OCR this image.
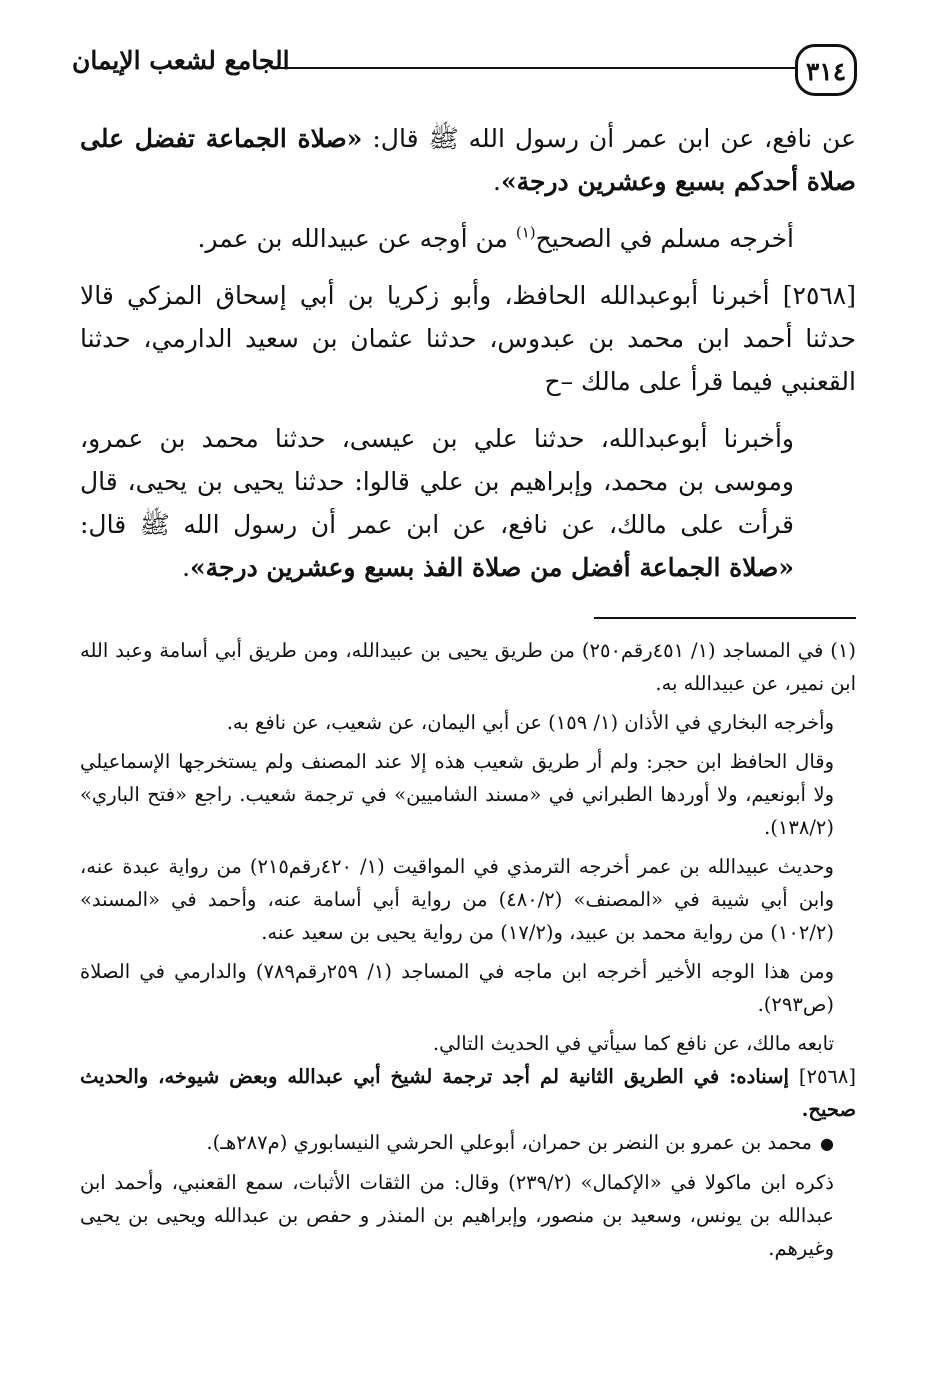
٣١٤
الجامع لشعب الإيمان

عن نافع، عن ابن عمر أن رسول الله ﷺ قال: «صلاة الجماعة تفضل على صلاة أحدكم بسبع وعشرين درجة».

أخرجه مسلم في الصحيح$^{(١)}$ من أوجه عن عبيدالله بن عمر.

[٢٥٦٨] أخبرنا أبوعبدالله الحافظ، وأبو زكريا بن أبي إسحاق المزكي قالا حدثنا أحمد ابن محمد بن عبدوس، حدثنا عثمان بن سعيد الدارمي، حدثنا القعنبي فيما قرأ على مالك –ح

وأخبرنا أبوعبدالله، حدثنا علي بن عيسى، حدثنا محمد بن عمرو، وموسى بن محمد، وإبراهيم بن علي قالوا: حدثنا يحيى بن يحيى، قال قرأت على مالك، عن نافع، عن ابن عمر أن رسول الله ﷺ قال: «صلاة الجماعة أفضل من صلاة الفذ بسبع وعشرين درجة».

(١) في المساجد (١/ ٤٥١رقم٢٥٠) من طريق يحيى بن عبيدالله، ومن طريق أبي أسامة وعبد الله ابن نمير، عن عبيدالله به.

وأخرجه البخاري في الأذان (١/ ١٥٩) عن أبي اليمان، عن شعيب، عن نافع به.

وقال الحافظ ابن حجر: ولم أر طريق شعيب هذه إلا عند المصنف ولم يستخرجها الإسماعيلي ولا أبونعيم، ولا أوردها الطبراني في «مسند الشاميين» في ترجمة شعيب. راجع «فتح الباري» (١٣٨/٢).

وحديث عبيدالله بن عمر أخرجه الترمذي في المواقيت (١/ ٤٢٠رقم٢١٥) من رواية عبدة عنه، وابن أبي شيبة في «المصنف» (٤٨٠/٢) من رواية أبي أسامة عنه، وأحمد في «المسند» (١٠٢/٢) من رواية محمد بن عبيد، و(١٧/٢) من رواية يحيى بن سعيد عنه.

ومن هذا الوجه الأخير أخرجه ابن ماجه في المساجد (١/ ٢٥٩رقم٧٨٩) والدارمي في الصلاة (ص٢٩٣).

تابعه مالك، عن نافع كما سيأتي في الحديث التالي.

[٢٥٦٨] إسناده: في الطريق الثانية لم أجد ترجمة لشيخ أبي عبدالله وبعض شيوخه، والحديث صحيح.

●محمد بن عمرو بن النضر بن حمران، أبوعلي الحرشي النيسابوري (م٢٨٧هـ).

ذكره ابن ماكولا في «الإكمال» (٢٣٩/٢) وقال: من الثقات الأثبات، سمع القعنبي، وأحمد ابن عبدالله بن يونس، وسعيد بن منصور، وإبراهيم بن المنذر و حفص بن عبدالله ويحيى بن يحيى وغيرهم.
